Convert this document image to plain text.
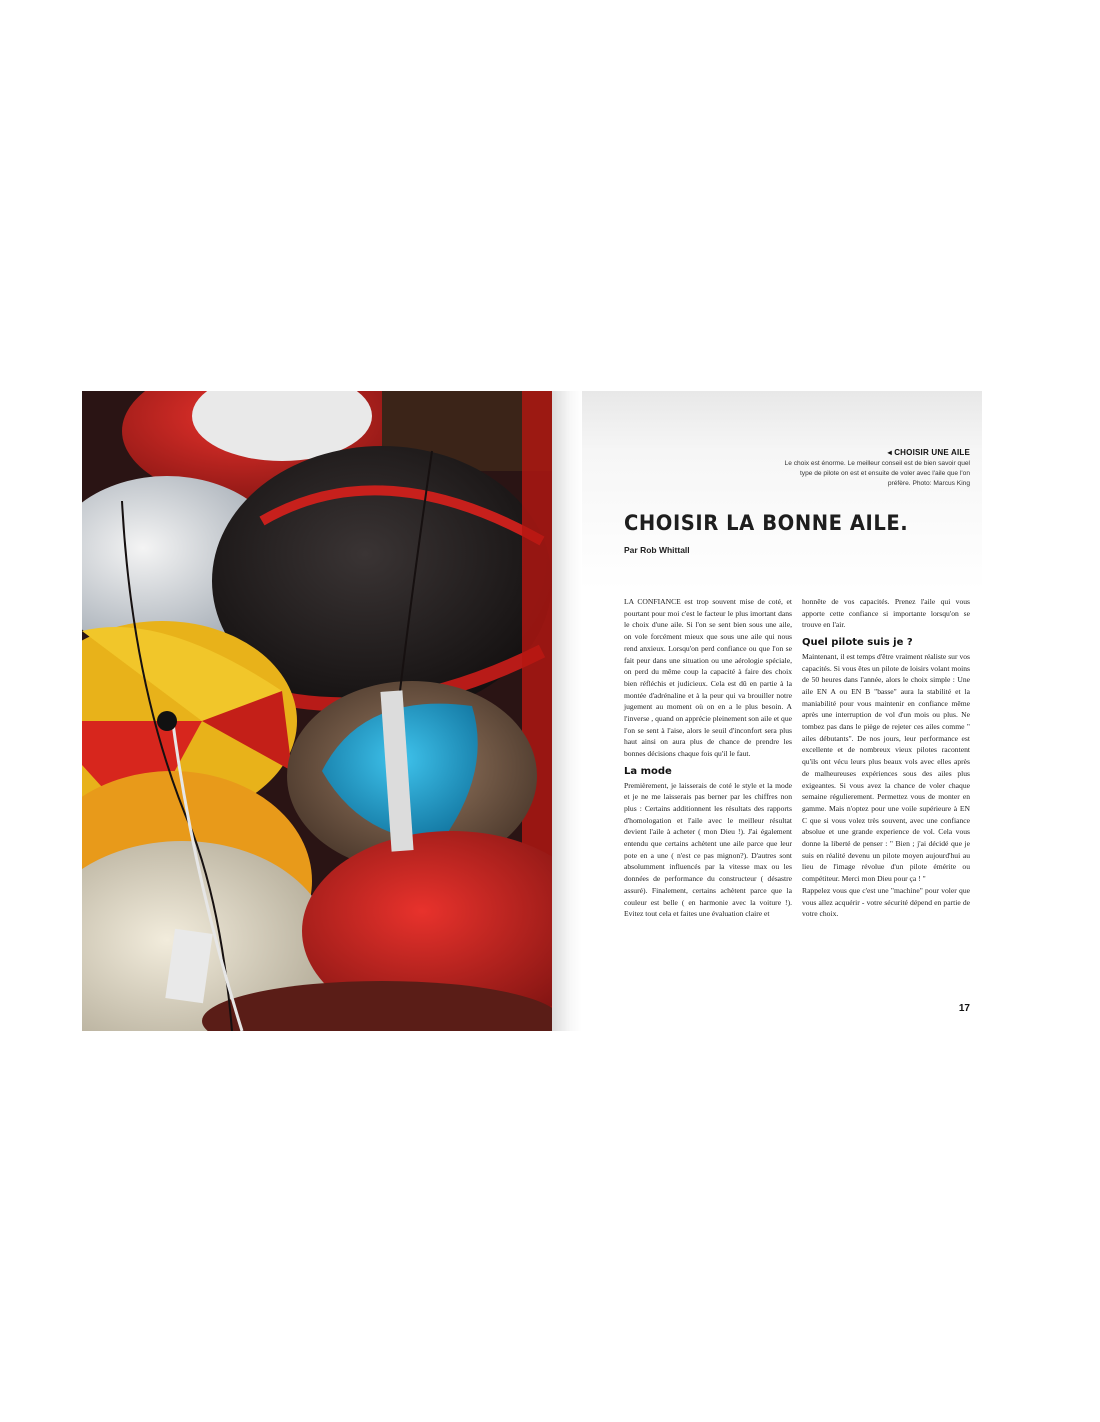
◂ CHOISIR UNE AILE
Le choix est énorme. Le meilleur conseil est de bien savoir quel type de pilote on est et ensuite de voler avec l'aile que l'on préfère. Photo: Marcus King
CHOISIR LA BONNE AILE.
Par Rob Whittall

LA CONFIANCE est trop souvent mise de coté, et pourtant pour moi c'est le facteur le plus imortant dans le choix d'une aile. Si l'on se sent bien sous une aile, on vole forcément mieux que sous une aile qui nous rend anxieux. Lorsqu'on perd confiance ou que l'on se fait peur dans une situation ou une aérologie spéciale, on perd du même coup la capacité à faire des choix bien réfléchis et judicieux. Cela est dû en partie à la montée d'adrénaline et à la peur qui va brouiller notre jugement au moment où on en a le plus besoin. A l'inverse , quand on apprécie pleinement son aile et que l'on se sent à l'aise, alors le seuil d'inconfort sera plus haut ainsi on aura plus de chance de prendre les bonnes décisions chaque fois qu'il le faut.

La mode

Premièrement, je laisserais de coté le style et la mode et je ne me laisserais pas berner par les chiffres non plus : Certains additionnent les résultats des rapports d'homologation et l'aile avec le meilleur résultat devient l'aile à acheter ( mon Dieu !). J'ai également entendu que certains achètent une aile parce que leur pote en a une ( n'est ce pas mignon?). D'autres sont absolumment influencés par la vitesse max ou les données de performance du constructeur ( désastre assuré). Finalement, certains achètent parce que la couleur est belle ( en harmonie avec la voiture !). Evitez tout cela et faites une évaluation claire et

honnête de vos capacités. Prenez l'aile qui vous apporte cette confiance si importante lorsqu'on se trouve en l'air.

Quel pilote suis je ?

Maintenant, il est temps d'être vraiment réaliste sur vos capacités. Si vous êtes un pilote de loisirs volant moins de 50 heures dans l'année, alors le choix simple : Une aile EN A ou EN B "basse" aura la stabilité et la maniabilité pour vous maintenir en confiance même après une interruption de vol d'un mois ou plus. Ne tombez pas dans le piège de rejeter ces ailes comme " ailes débutants". De nos jours, leur performance est excellente et de nombreux vieux pilotes racontent qu'ils ont vécu leurs plus beaux vols avec elles après de malheureuses expériences sous des ailes plus exigeantes. Si vous avez la chance de voler chaque semaine régulierement. Permettez vous de monter en gamme. Mais n'optez pour une voile supérieure à EN C que si vous volez très souvent, avec une confiance absolue et une grande experience de vol. Cela vous donne la liberté de penser : " Bien ; j'ai décidé que je suis en réalité devenu un pilote moyen aujourd'hui au lieu de l'image révolue d'un pilote émérite ou compétiteur. Merci mon Dieu pour ça ! "

Rappelez vous que c'est une "machine" pour voler que vous allez acquérir - votre sécurité dépend en partie de votre choix.

17
